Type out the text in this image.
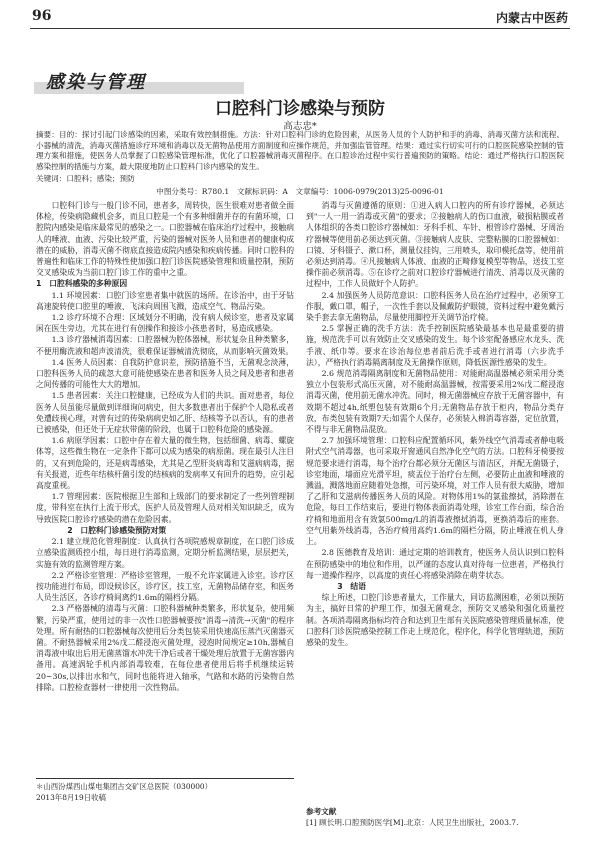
96	内蒙古中医药
感染与管理
口腔科门诊感染与预防
高志忠*
摘要：目的：探讨引起门诊感染的因素，采取有效控制措施。方法：针对口腔科门诊的危险因素，从医务人员的个人防护和手的消毒、消毒灭菌方法和流程、小器械的清洗，消毒灭菌措施诊疗环境和消毒以及无菌物品使用方面制度和应操作规范，并加强监管管理。结果：通过实行切实可行的口腔医院感染控制的管理方案和措施，使医务人员掌握了口腔感染管理标准，优化了口腔器械消毒灭菌程序。在口腔诊治过程中实行普遍预防的策略。结论：通过严格执行口腔医院感染控制的措施与方案，最大限度地防止口腔科门诊内感染的发生。
关键词：口腔科；感染；预防
中图分类号：R780.1　文献标识码：A　文章编号：1006-0979(2013)25-0096-01

口腔科门诊与一般门诊不同，患者多，周转快，医生很难对患者做全面体检，传染病隐藏机会多，而且口腔是一个有多种细菌并存的有菌环境，口腔院内感染是临床最常见的感染之一。口腔器械在临床治疗过程中，接触病人的唾液、血液、污染比较严重，污染的器械对医务人员和患者的健康构成潜在的威胁，消毒灭菌不彻底直接造成院内感染和疾病传播。同时口腔科的普遍性和临床工作的特殊性使加强口腔门诊医院感染管理和质量控制，预防交叉感染成为当前口腔门诊工作的重中之重。

1　口腔科感染的多种原因

1.1 环境因素：口腔门诊室患者集中就医的场所。在诊治中，由于牙钻高速旋转使口腔里的唾液、飞沫向周围飞溅，造成空气、物品污染。

1.2 诊疗环境不合理：区域划分不明确，没有病人候诊室，患者及家属闲在医生旁边，尤其在进行有创操作和接诊小孩患者时，易造成感染。

1.3 诊疗器械消毒因素：口腔器械为腔体器械，形状复杂且种类繁多，不便用酶洗液和超声波清洗，很难保证器械清洗彻底，从而影响灭菌效果。

1.4 医务人员因素：自我防护意识差，预防措施不当，无菌观念淡薄，口腔科医务人员的疏忽大意可能使感染在患者和医务人员之间及患者和患者之间传播的可能性大大的增加。

1.5 患者因素：关注口腔健康，已经成为人们的共识。面对患者，每位医务人员虽能尽量做到详细询问病史，但大多数患者出于保护个人隐私或者免遭歧视心理，对曾有过的传染病病史如乙肝、结核等予以否认，有的患者已被感染，但还处于无症状带菌的阶段，也属于口腔科危险的感染源。

1.6 病原学因素：口腔中存在着大量的微生物，包括细菌、病毒、螺旋体等，这些微生物在一定条件下都可以成为感染的病原菌。现在最引人注目的，又有到危险的，还是病毒感染，尤其是乙型肝炎病毒和艾滋病病毒，据有关报道，近些年结核杆菌引发的结核病的发病率又有回升的趋势，应引起高度重视。

1.7 管理因素：医院根据卫生部和上级部门的要求制定了一些列管理制度，带科室在执行上流于形式，医护人员及管理人员对相关知识缺乏，成为导致医院口腔诊疗感染的潜在危险因素。

2　口腔科门诊感染预防对策

2.1 建立规范化管理制度：认真执行各项院感规章制度，在口腔门诊成立感染监测质控小组，每日进行消毒监测，定期分析监测结果，层层把关，实施有效的监测管理方案。

2.2 严格诊室管理：严格诊室管理，一般不允许家属进入诊室。诊疗区按功能进行布局，即设候诊区，诊疗区，技工室，无菌物品储存室，和医务人员生活区，各诊疗椅间离约1.6m的隔档分隔。

2.3 严格器械的清毒与灭菌：口腔科器械种类繁多，形状复杂，使用频繁，污染严重，使用过的非一次性口腔器械要按"消毒→清洗→灭菌"的程序处理。所有耐热的口腔器械每次使用后分类包装采用快速高压蒸汽灭菌器灭菌。不耐热器械采用2%戊二醛浸泡灭菌处理，浸泡时间规定≥10h,器械自消毒液中取出后用无菌蒸馏水冲洗干净后或者干燥处理后放置于无菌容器内备用。高速涡轮手机内部消毒较难，在每位患者使用后将手机继续运转20~30s,以排出水和气，同时也能将进入轴承，气路和水路的污染物自然排除。口腔检查器材一律使用一次性物品。

消毒与灭菌遵循的原则：①进入病人口腔内的所有诊疗器械，必须达到"一人一用一消毒或灭菌"的要求；②接触病人的伤口血液，破损粘膜或者人体组织的各类口腔诊疗器械如：牙科手机、车针、根管诊疗器械、牙周治疗器械等使用前必须达到灭菌。③接触病人皮肤、完整粘膜的口腔器械如：口镜、牙科镊子、漱口杯，测量仪挂钩，三用喷头，取印模托盘等，使用前必须达到消毒。④凡接触病人体液、血液的正畸修复模型等物品，送技工室操作前必须消毒。⑤在诊疗之前对口腔诊疗器械进行清洗、消毒以及灭菌的过程中，工作人员做好个人防护。

2.4 加强医务人员防范意识：口腔科医务人员在治疗过程中，必须穿工作服，戴口罩，帽子，一次性手套以及佩戴防护眼镜，资料过程中避免戴污染手套去拿无菌物品，尽量使用脚控开关调节治疗椅。

2.5 掌握正确的洗手方法：洗手控制医院感染最基本也是最重要的措施，规范洗手可以有效防止交叉感染的发生。每个诊室配备感应水龙头、洗手液、纸巾等。要求在诊治每位患者前后洗手或者进行消毒（六步洗手法），严格执行消毒隔离制度及无菌操作原则，降低医源性感染的发生。

2.6 规范消毒隔离制度和无菌物品使用：对能耐高温器械必须采用分类独立小包装形式高压灭菌，对不能耐高温器械，按需要采用2%戊二醛浸泡消毒灭菌，使用前无菌水冲洗。同时，棉无菌器械应存放于无菌容器中，有效期不超过4h,纸塑包装有效期6个月;无菌物品存放于柜内，物品分类存放，布类包装有效期7天;如需个人保存，必须装入棉消毒容器，定位放置，不得与非无菌物品混放。

2.7 加强环境管理：口腔科应配置循环风，紫外线空气消毒或者静电吸附式空气消毒器，也可采取开窗通风自然净化空气的方法。口腔科牙椅要按规范要求进行消毒，每个治疗台都必须分无菌区与清洁区，并配无菌镊子，诊室地面，墙面应光滑平坦，痰盂位于治疗台左侧，必要防止血液和唾液的溅溢，溅落地面应随着处急擦，可污染环境，对工作人员有很大威胁，增加了乙肝和艾滋病传播医务人员的风险。对物体用1%的氯盐擦拭，消除潜在危险，每日工作结束后，要进行物体表面消毒处理，诊室工作台面，综合治疗椅和地面用含有效氯500mg/L的消毒液擦拭消毒，更换消毒后的座套。空气用紫外线消毒，各治疗椅用高约1.6m的隔栏分隔，防止唾液在机人身上。

2.8 医德教育及培训：通过定期的培训教育，使医务人员认识到口腔科在预防感染中的地位和作用，以严谨的态度认真对待每一位患者，严格执行每一道操作程序，以高度的责任心将感染消除在萌芽状态。

3　结语

综上所述，口腔门诊患者量大，工作量大，同访监测困难，必须以预防为主，搞好日常的护理工作，加强无菌观念，预防交叉感染和强化质量控制。各项消毒隔离指标均符合和达到卫生部有关医院感染管理质量标准，使口腔科门诊医院感染控制工作走上规范化，程序化，科学化管理轨道，预防感染的发生。

＊山西汾煤西山煤电集团古交矿区总医院（030000）

2013年8月19日收稿

参考文献

[1] 顾长明.口腔预防医学[M].北京：人民卫生出版社，2003.7.
